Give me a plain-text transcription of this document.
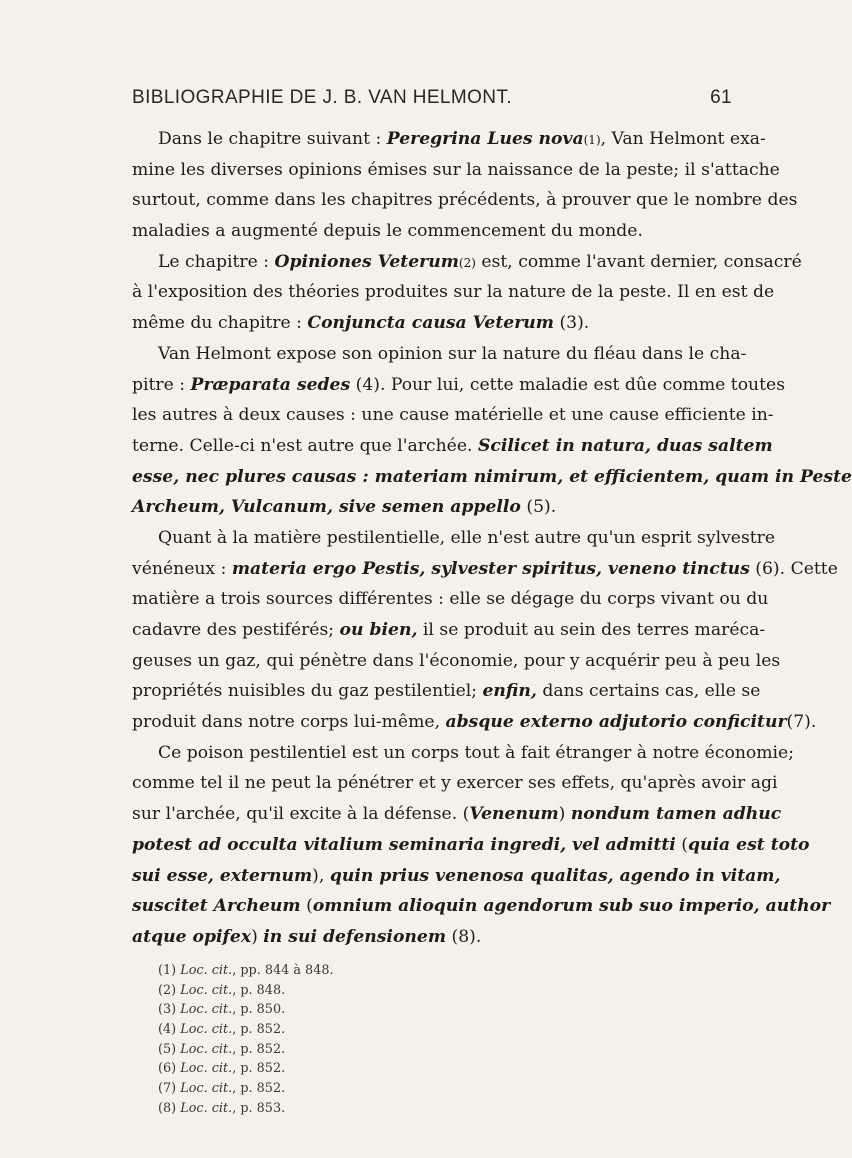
BIBLIOGRAPHIE DE J. B. VAN HELMONT.	61
Dans le chapitre suivant : Peregrina Lues nova(1), Van Helmont exa-
mine les diverses opinions émises sur la naissance de la peste; il s'attache
surtout, comme dans les chapitres précédents, à prouver que le nombre des
maladies a augmenté depuis le commencement du monde.
Le chapitre : Opiniones Veterum(2) est, comme l'avant dernier, consacré
à l'exposition des théories produites sur la nature de la peste. Il en est de
même du chapitre : Conjuncta causa Veterum (3).
Van Helmont expose son opinion sur la nature du fléau dans le cha-
pitre : Præparata sedes (4). Pour lui, cette maladie est dûe comme toutes
les autres à deux causes : une cause matérielle et une cause efficiente in-
terne. Celle-ci n'est autre que l'archée. Scilicet in natura, duas saltem
esse, nec plures causas : materiam nimirum, et efficientem, quam in Peste
Archeum, Vulcanum, sive semen appello (5).
Quant à la matière pestilentielle, elle n'est autre qu'un esprit sylvestre
vénéneux : materia ergo Pestis, sylvester spiritus, veneno tinctus (6). Cette
matière a trois sources différentes : elle se dégage du corps vivant ou du
cadavre des pestiférés; ou bien, il se produit au sein des terres maréca-
geuses un gaz, qui pénètre dans l'économie, pour y acquérir peu à peu les
propriétés nuisibles du gaz pestilentiel; enfin, dans certains cas, elle se
produit dans notre corps lui-même, absque externo adjutorio conficitur(7).
Ce poison pestilentiel est un corps tout à fait étranger à notre économie;
comme tel il ne peut la pénétrer et y exercer ses effets, qu'après avoir agi
sur l'archée, qu'il excite à la défense. (Venenum) nondum tamen adhuc
potest ad occulta vitalium seminaria ingredi, vel admitti (quia est toto
sui esse, externum), quin prius venenosa qualitas, agendo in vitam,
suscitet Archeum (omnium alioquin agendorum sub suo imperio, author
atque opifex) in sui defensionem (8).
(1) Loc. cit., pp. 844 à 848.
(2) Loc. cit., p. 848.
(3) Loc. cit., p. 850.
(4) Loc. cit., p. 852.
(5) Loc. cit., p. 852.
(6) Loc. cit., p. 852.
(7) Loc. cit., p. 852.
(8) Loc. cit., p. 853.
